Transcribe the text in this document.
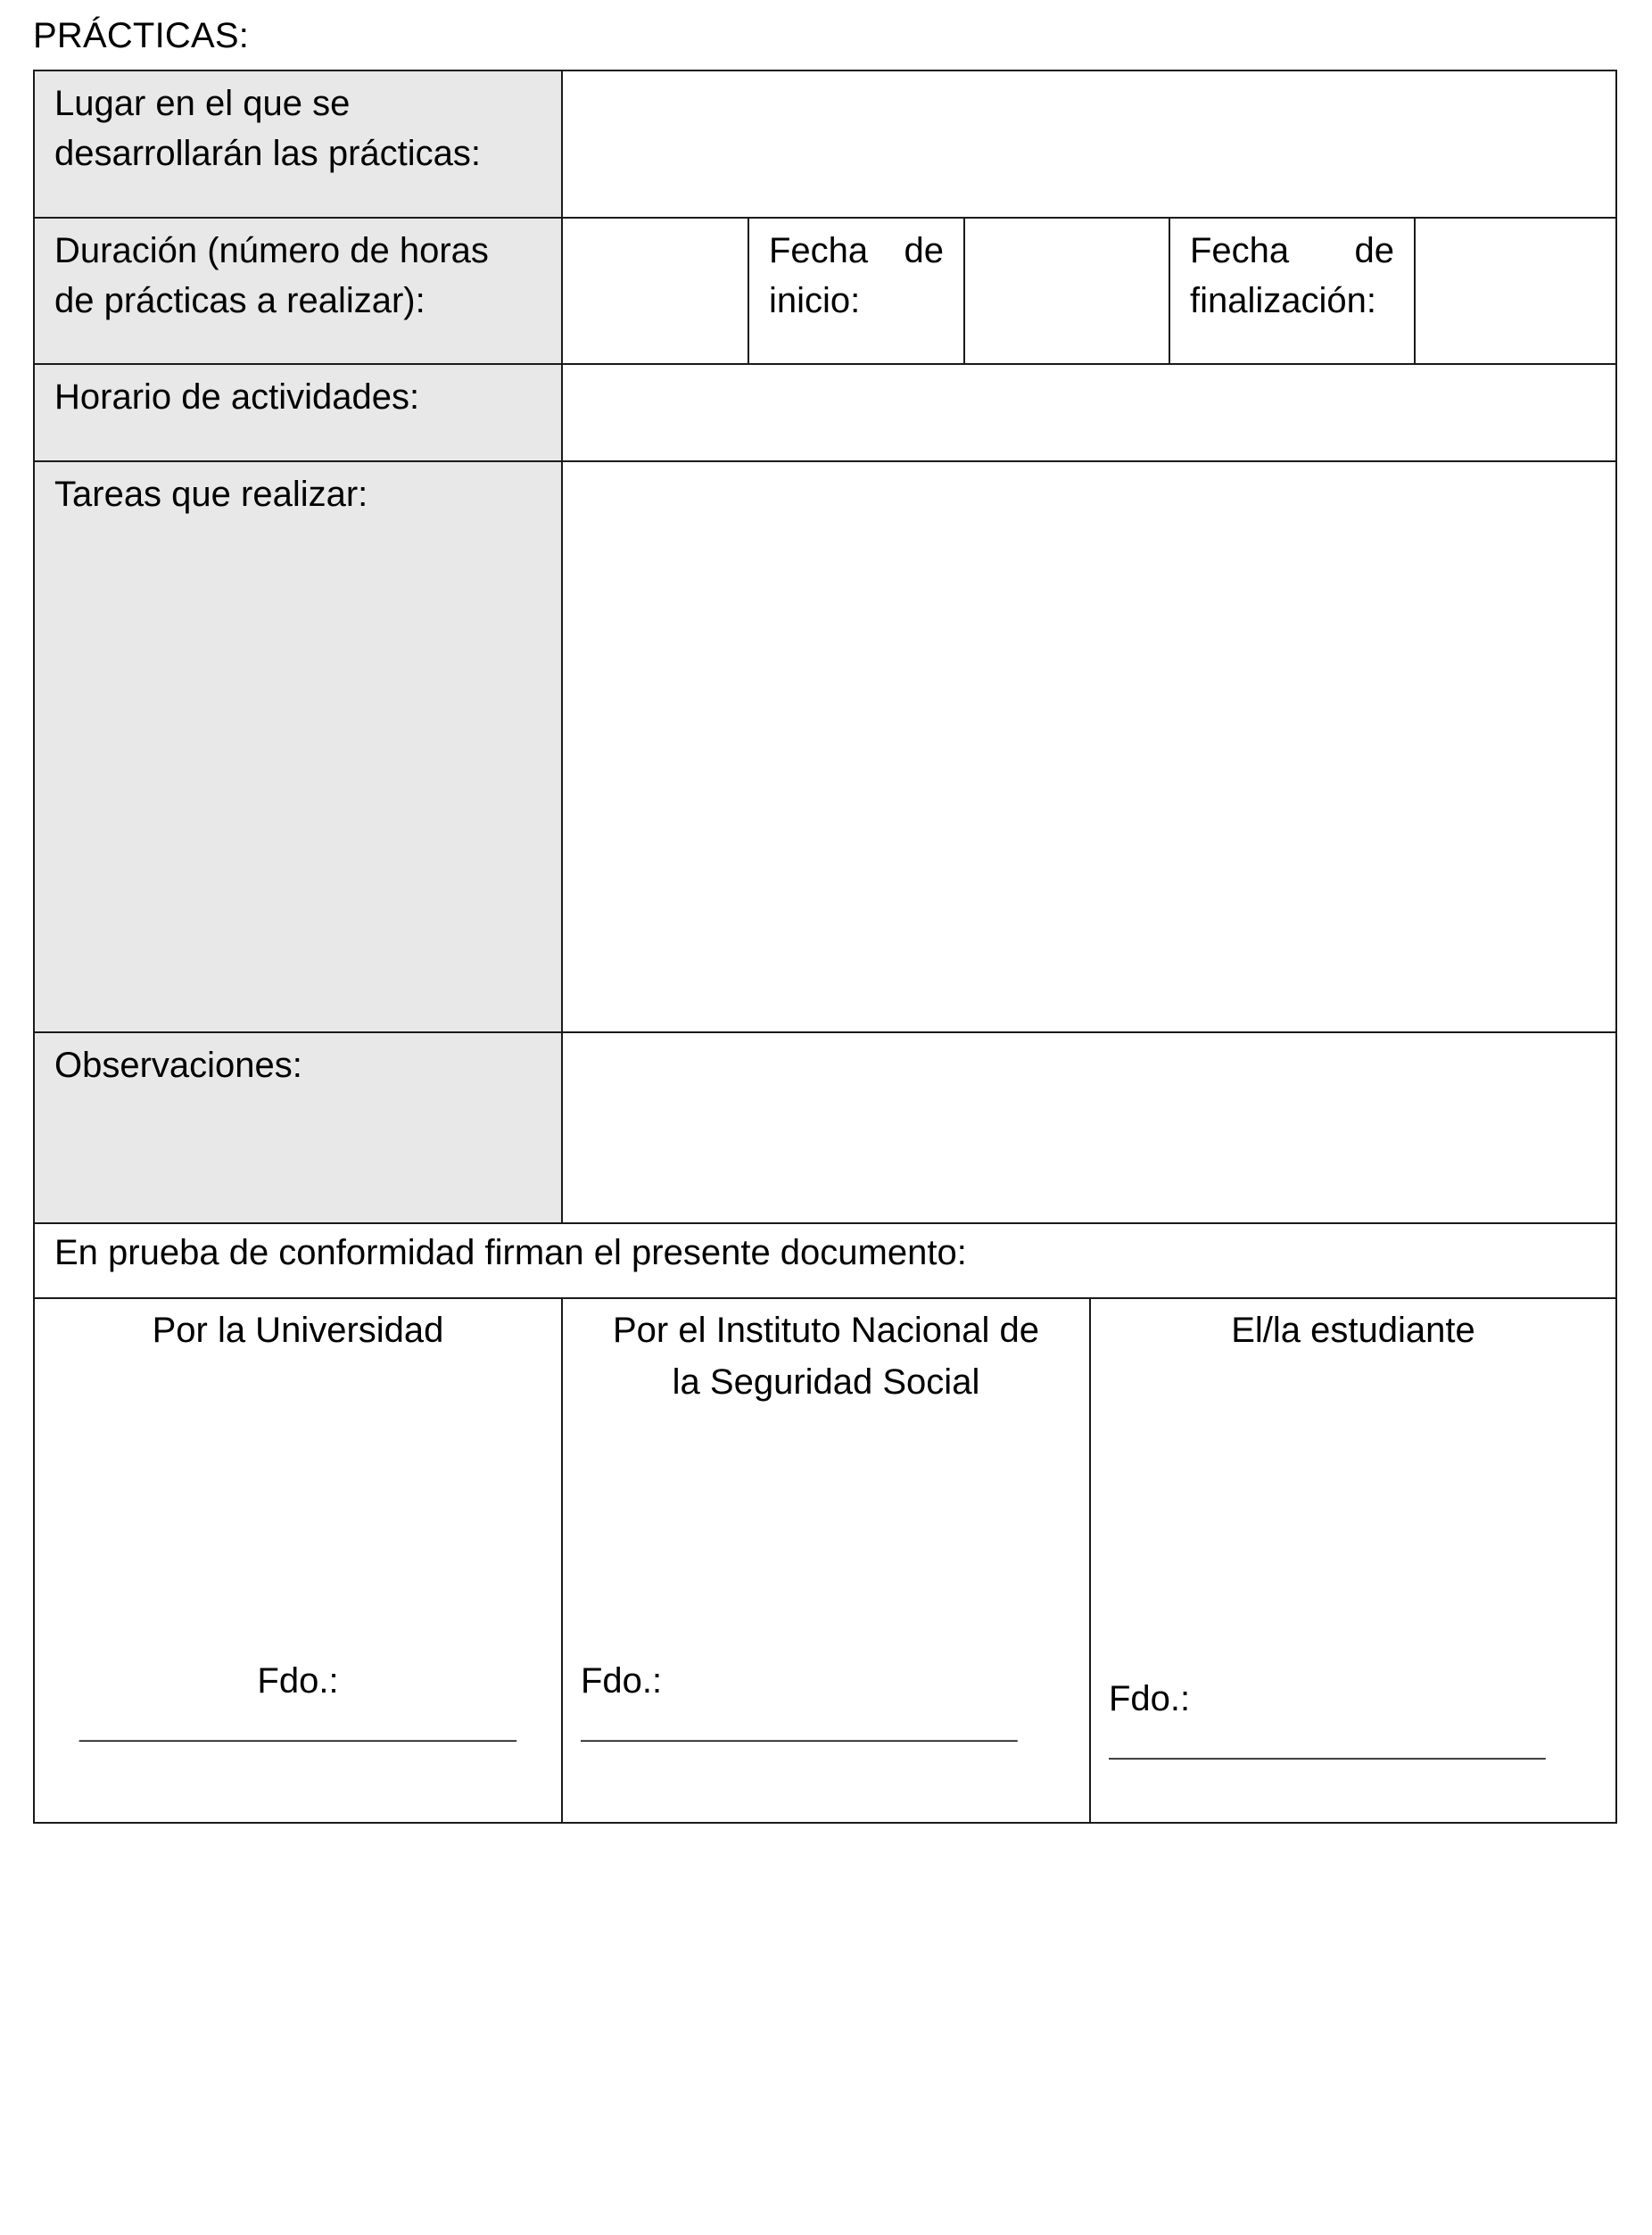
PRÁCTICAS:
Lugar en el que se
desarrollarán las prácticas:
Duración (número de horas
de prácticas a realizar):
Fecha de
inicio:
Fecha de
finalización:
Horario de actividades:
Tareas que realizar:
Observaciones:
En prueba de conformidad firman el presente documento:
Por la Universidad
Fdo.:
______________________
Por el Instituto Nacional de
la Seguridad Social
Fdo.:
______________________
El/la estudiante
Fdo.:
______________________
